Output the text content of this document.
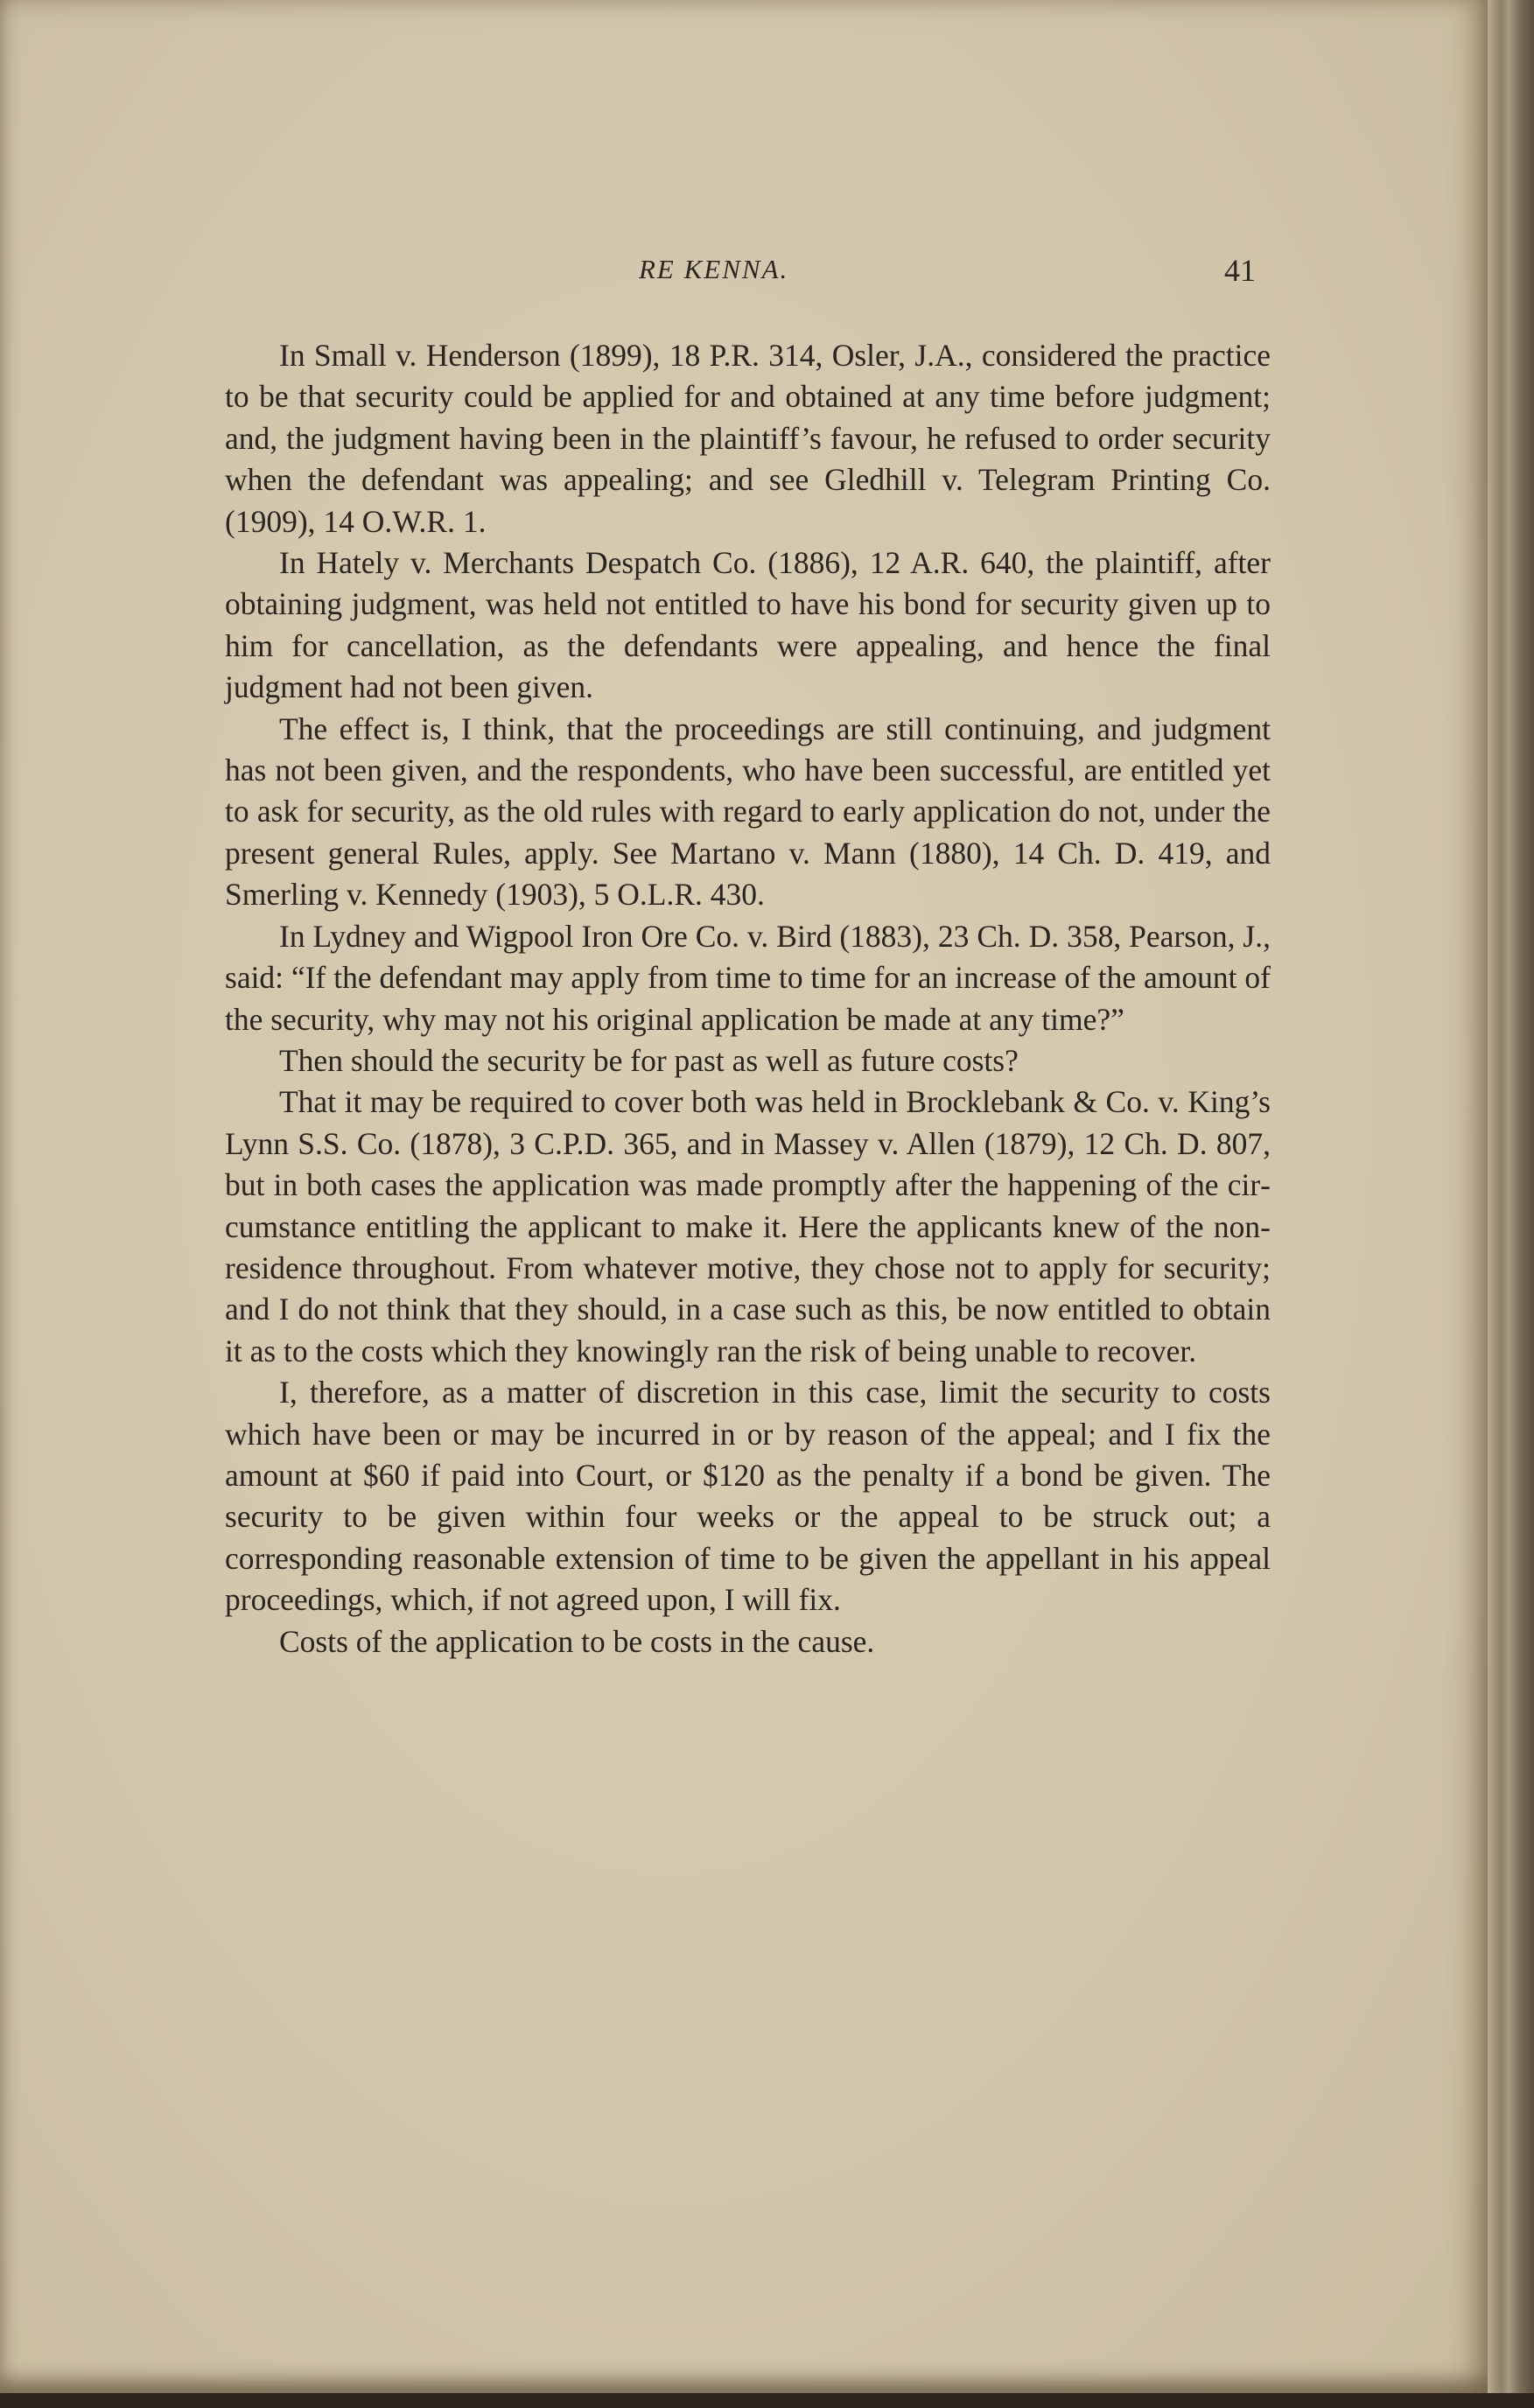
RE KENNA.	41

In Small v. Henderson (1899), 18 P.R. 314, Osler, J.A., considered the practice to be that security could be applied for and obtained at any time before judgment; and, the judgment having been in the plaintiff’s favour, he refused to order security when the defendant was appealing; and see Gledhill v. Telegram Printing Co. (1909), 14 O.W.R. 1.

In Hately v. Merchants Despatch Co. (1886), 12 A.R. 640, the plaintiff, after obtaining judgment, was held not entitled to have his bond for security given up to him for cancellation, as the defendants were appealing, and hence the final judgment had not been given.

The effect is, I think, that the proceedings are still continuing, and judgment has not been given, and the respondents, who have been successful, are entitled yet to ask for security, as the old rules with regard to early application do not, under the present general Rules, apply. See Martano v. Mann (1880), 14 Ch. D. 419, and Smerling v. Kennedy (1903), 5 O.L.R. 430.

In Lydney and Wigpool Iron Ore Co. v. Bird (1883), 23 Ch. D. 358, Pearson, J., said: “If the defendant may apply from time to time for an increase of the amount of the security, why may not his original application be made at any time?”

Then should the security be for past as well as future costs?

That it may be required to cover both was held in Brocklebank & Co. v. King’s Lynn S.S. Co. (1878), 3 C.P.D. 365, and in Massey v. Allen (1879), 12 Ch. D. 807, but in both cases the application was made promptly after the happening of the circumstance entitling the applicant to make it. Here the applicants knew of the non-residence throughout. From whatever motive, they chose not to apply for security; and I do not think that they should, in a case such as this, be now entitled to obtain it as to the costs which they knowingly ran the risk of being unable to recover.

I, therefore, as a matter of discretion in this case, limit the security to costs which have been or may be incurred in or by reason of the appeal; and I fix the amount at $60 if paid into Court, or $120 as the penalty if a bond be given. The security to be given within four weeks or the appeal to be struck out; a corresponding reasonable extension of time to be given the appellant in his appeal proceedings, which, if not agreed upon, I will fix.

Costs of the application to be costs in the cause.
